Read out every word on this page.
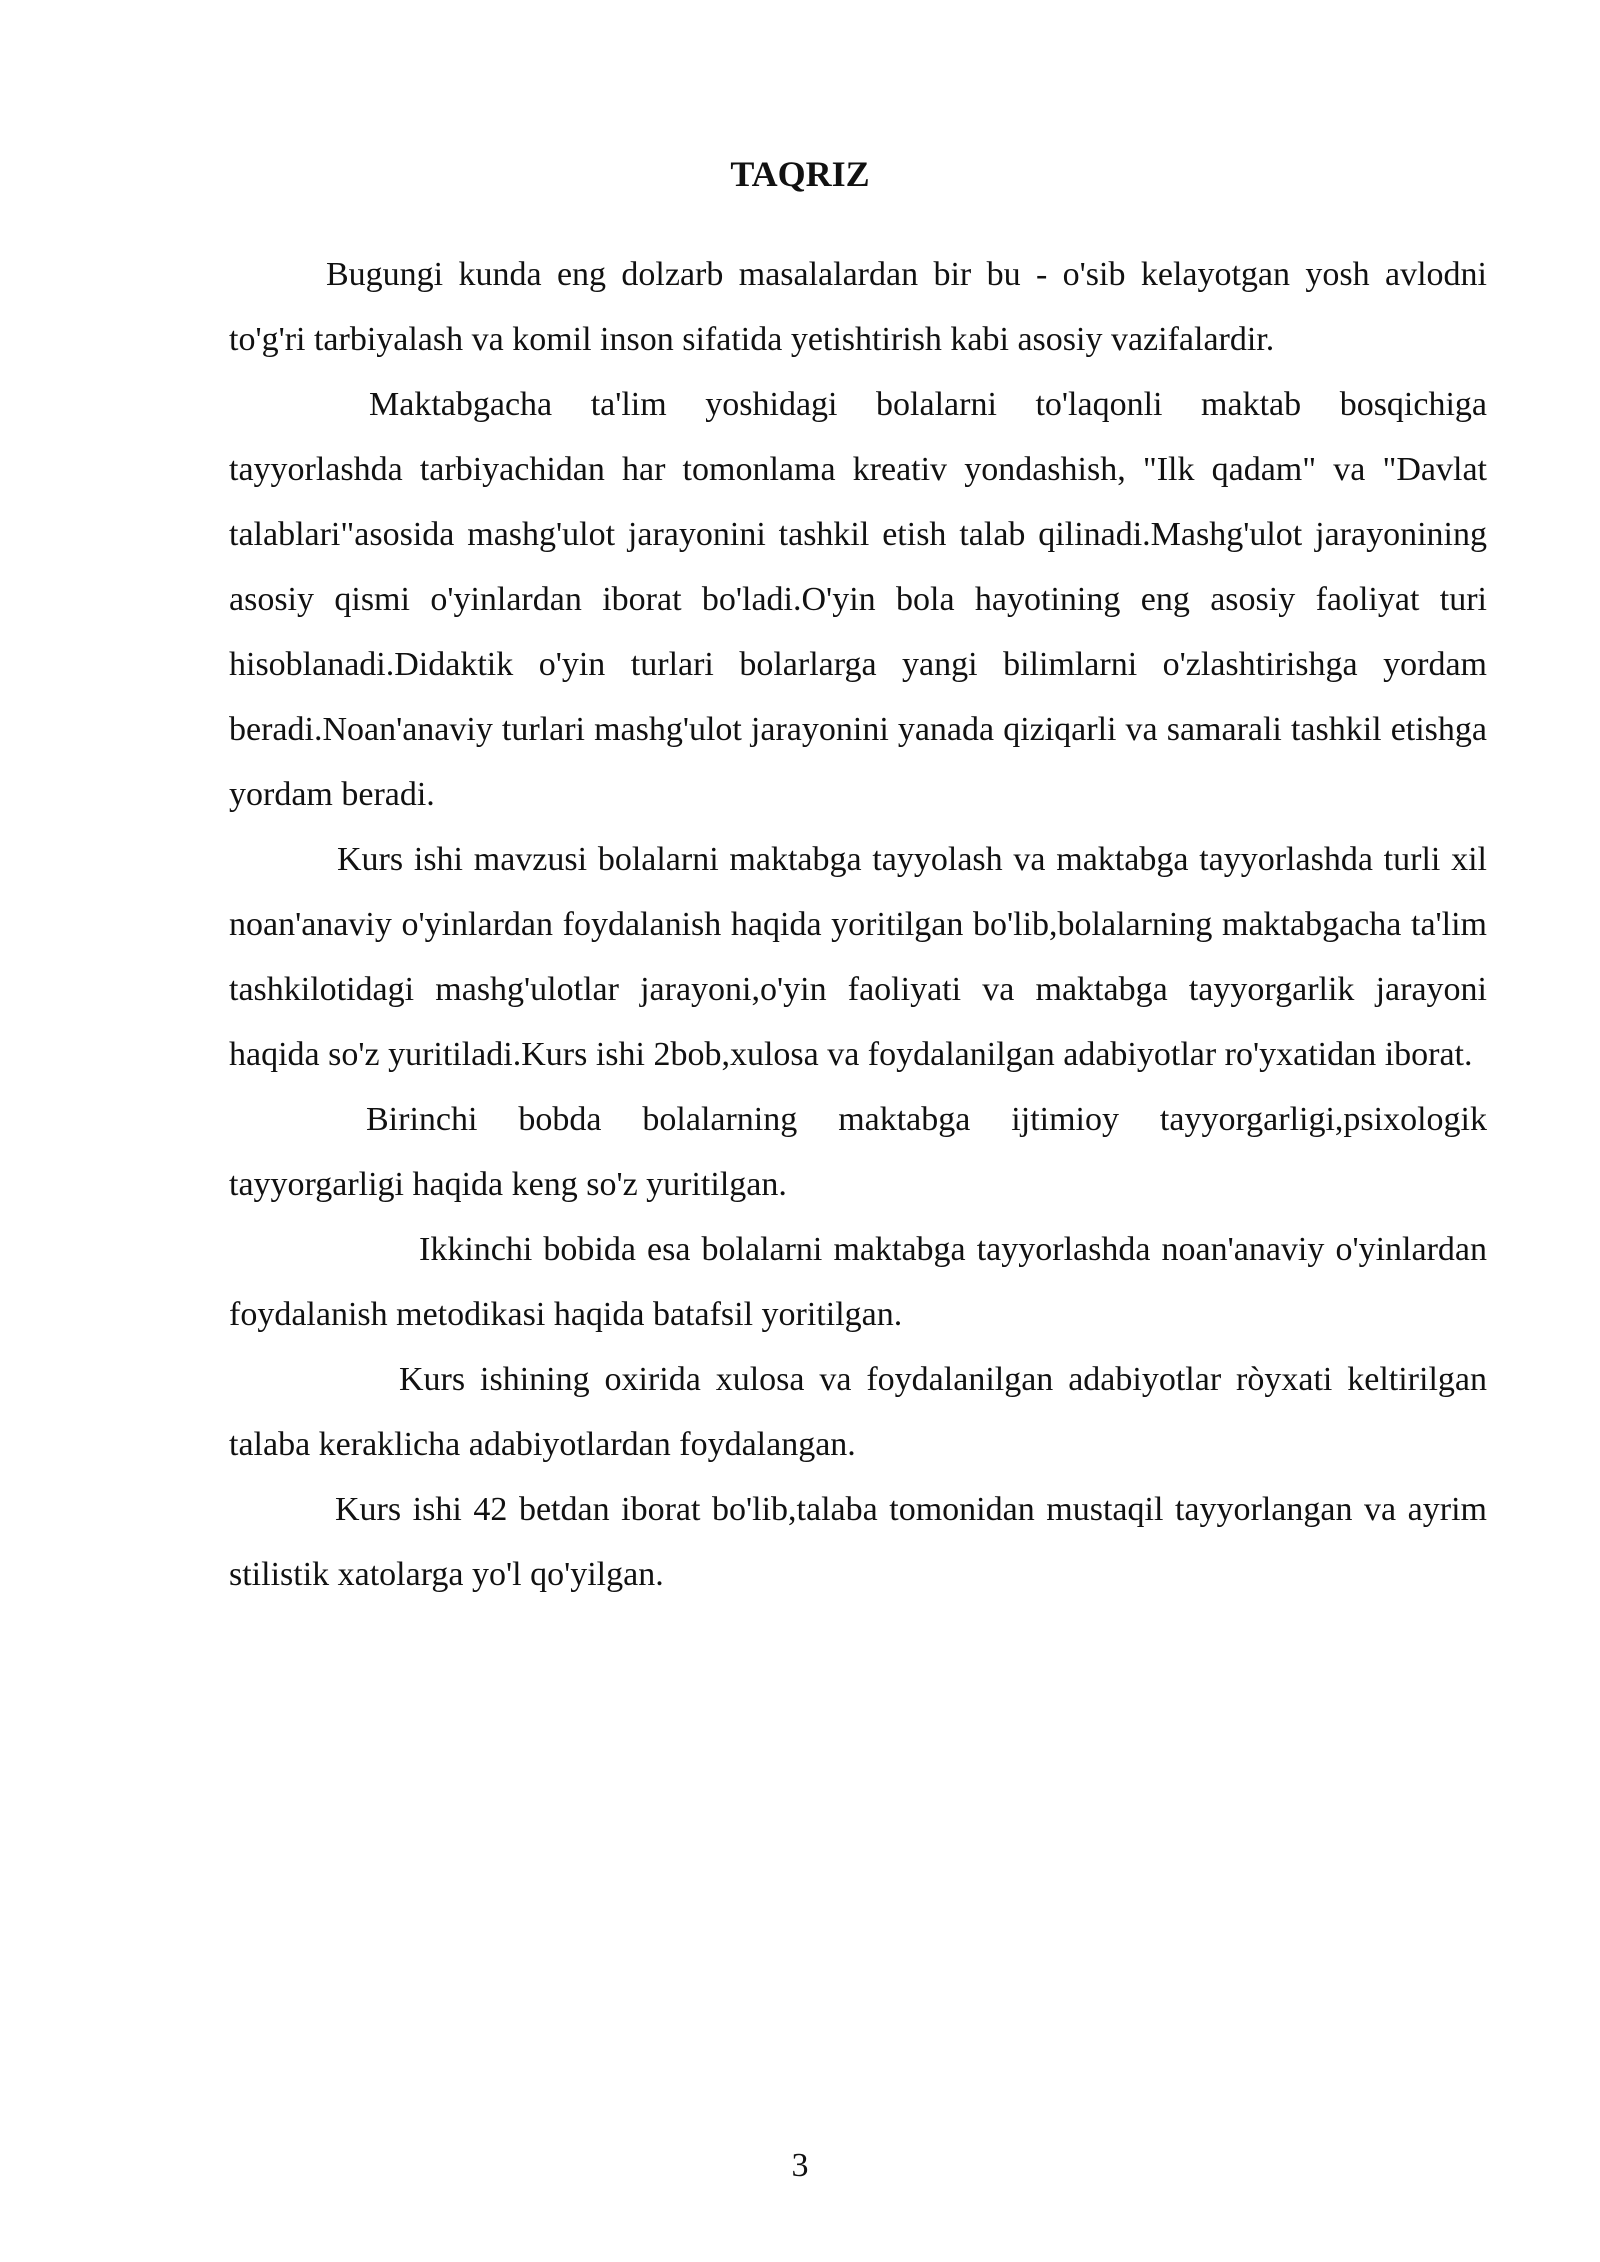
TAQRIZ

Bugungi kunda eng dolzarb masalalardan bir bu - o'sib kelayotgan yosh avlodni to'g'ri tarbiyalash va komil inson sifatida yetishtirish kabi asosiy vazifalardir.

Maktabgacha ta'lim yoshidagi bolalarni to'laqonli maktab bosqichiga tayyorlashda tarbiyachidan har tomonlama kreativ yondashish, "Ilk qadam" va "Davlat talablari"asosida mashg'ulot jarayonini tashkil etish talab qilinadi.Mashg'ulot jarayonining asosiy qismi o'yinlardan iborat bo'ladi.O'yin bola hayotining eng asosiy faoliyat turi hisoblanadi.Didaktik o'yin turlari bolarlarga yangi bilimlarni o'zlashtirishga yordam beradi.Noan'anaviy turlari mashg'ulot jarayonini yanada qiziqarli va samarali tashkil etishga yordam beradi.

Kurs ishi mavzusi bolalarni maktabga tayyolash va maktabga tayyorlashda turli xil noan'anaviy o'yinlardan foydalanish haqida yoritilgan bo'lib,bolalarning maktabgacha ta'lim tashkilotidagi mashg'ulotlar jarayoni,o'yin faoliyati va maktabga tayyorgarlik jarayoni haqida so'z yuritiladi.Kurs ishi 2bob,xulosa va foydalanilgan adabiyotlar ro'yxatidan iborat.

Birinchi bobda bolalarning maktabga ijtimioy tayyorgarligi,psixologik tayyorgarligi haqida keng so'z yuritilgan.

Ikkinchi bobida esa bolalarni maktabga tayyorlashda noan'anaviy o'yinlardan foydalanish metodikasi haqida batafsil yoritilgan.

Kurs ishining oxirida xulosa va foydalanilgan adabiyotlar ròyxati keltirilgan talaba keraklicha adabiyotlardan foydalangan.

Kurs ishi 42 betdan iborat bo'lib,talaba tomonidan mustaqil tayyorlangan va ayrim stilistik xatolarga yo'l qo'yilgan.

3
